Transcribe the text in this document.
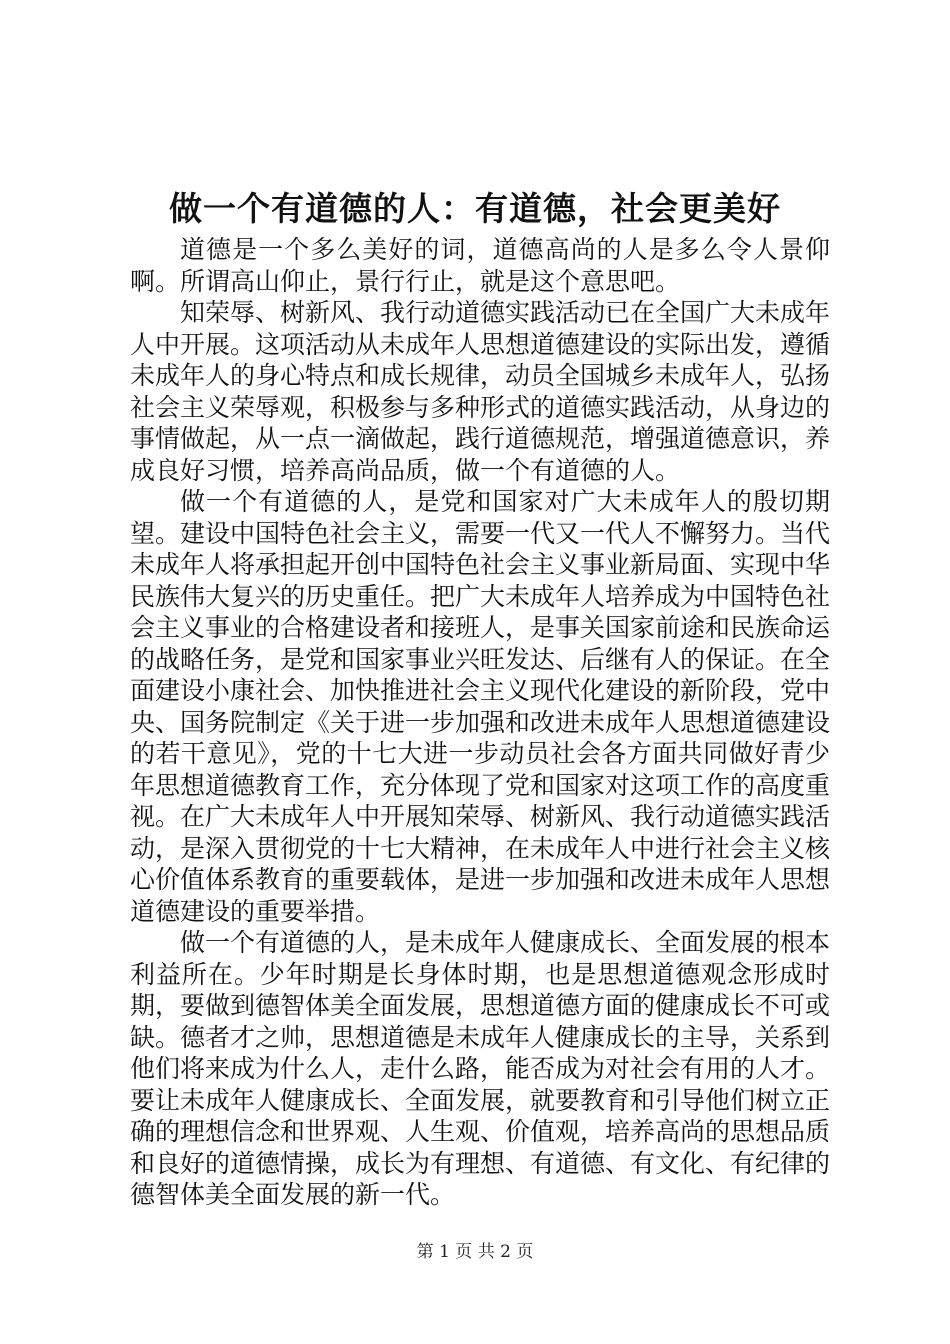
做一个有道德的人：有道德，社会更美好

道德是一个多么美好的词，道德高尚的人是多么令人景仰啊。所谓高山仰止，景行行止，就是这个意思吧。

知荣辱、树新风、我行动道德实践活动已在全国广大未成年人中开展。这项活动从未成年人思想道德建设的实际出发，遵循未成年人的身心特点和成长规律，动员全国城乡未成年人，弘扬社会主义荣辱观，积极参与多种形式的道德实践活动，从身边的事情做起，从一点一滴做起，践行道德规范，增强道德意识，养成良好习惯，培养高尚品质，做一个有道德的人。

做一个有道德的人，是党和国家对广大未成年人的殷切期望。建设中国特色社会主义，需要一代又一代人不懈努力。当代未成年人将承担起开创中国特色社会主义事业新局面、实现中华民族伟大复兴的历史重任。把广大未成年人培养成为中国特色社会主义事业的合格建设者和接班人，是事关国家前途和民族命运的战略任务，是党和国家事业兴旺发达、后继有人的保证。在全面建设小康社会、加快推进社会主义现代化建设的新阶段，党中央、国务院制定《关于进一步加强和改进未成年人思想道德建设的若干意见》，党的十七大进一步动员社会各方面共同做好青少年思想道德教育工作，充分体现了党和国家对这项工作的高度重视。在广大未成年人中开展知荣辱、树新风、我行动道德实践活动，是深入贯彻党的十七大精神，在未成年人中进行社会主义核心价值体系教育的重要载体，是进一步加强和改进未成年人思想道德建设的重要举措。

做一个有道德的人，是未成年人健康成长、全面发展的根本利益所在。少年时期是长身体时期，也是思想道德观念形成时期，要做到德智体美全面发展，思想道德方面的健康成长不可或缺。德者才之帅，思想道德是未成年人健康成长的主导，关系到他们将来成为什么人，走什么路，能否成为对社会有用的人才。要让未成年人健康成长、全面发展，就要教育和引导他们树立正确的理想信念和世界观、人生观、价值观，培养高尚的思想品质和良好的道德情操，成长为有理想、有道德、有文化、有纪律的德智体美全面发展的新一代。

第 1 页 共 2 页
